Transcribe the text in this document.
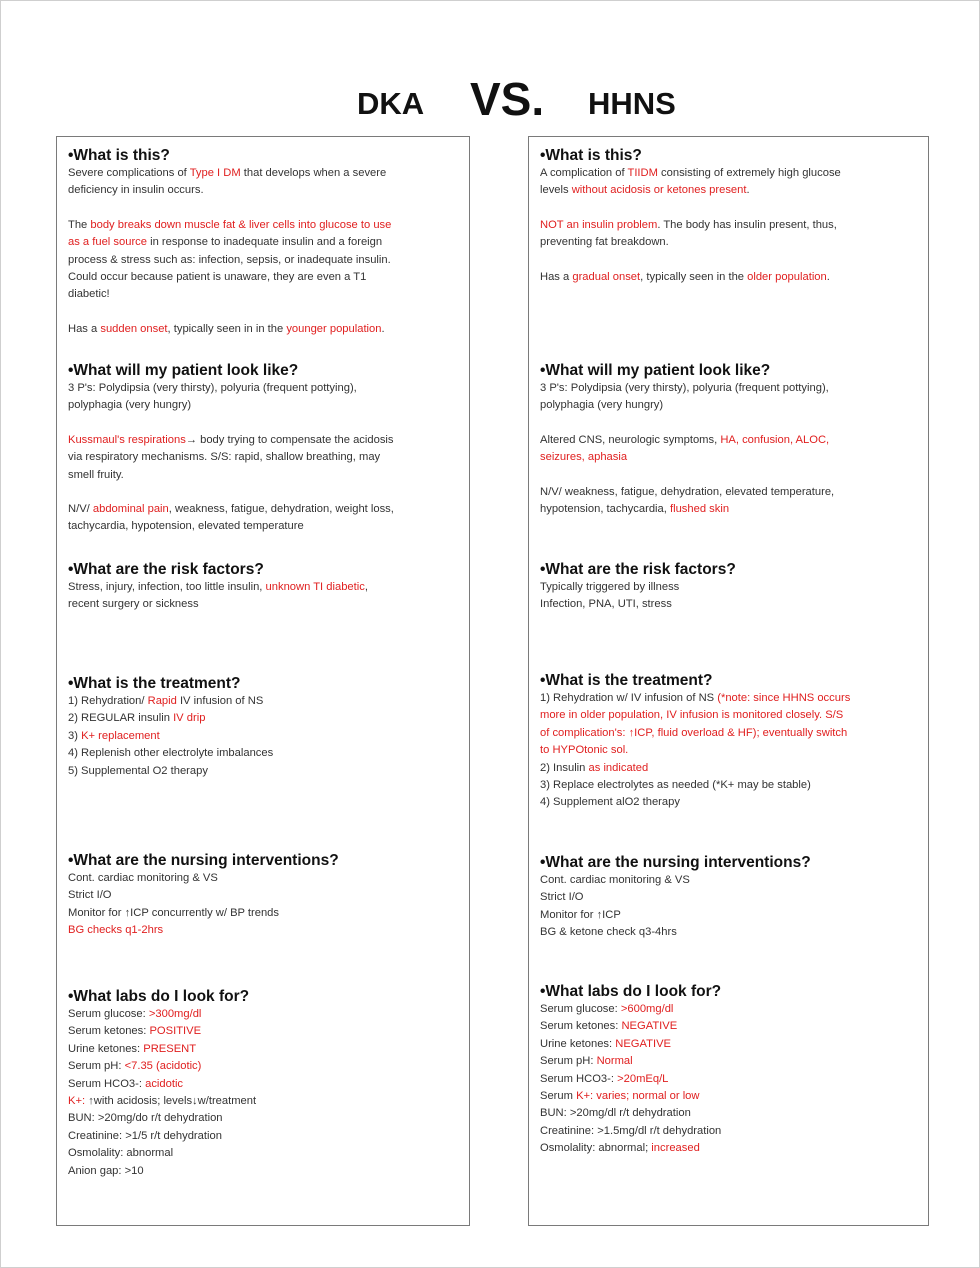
DKA VS. HHNS

•What is this?

Severe complications of Type I DM that develops when a severe

deficiency in insulin occurs.

The body breaks down muscle fat & liver cells into glucose to use

as a fuel source in response to inadequate insulin and a foreign

process & stress such as: infection, sepsis, or inadequate insulin.

Could occur because patient is unaware, they are even a T1

diabetic!

Has a sudden onset, typically seen in in the younger population.

•What will my patient look like?

3 P's: Polydipsia (very thirsty), polyuria (frequent pottying),

polyphagia (very hungry)

Kussmaul's respirations→ body trying to compensate the acidosis

via respiratory mechanisms. S/S: rapid, shallow breathing, may

smell fruity.

N/V/ abdominal pain, weakness, fatigue, dehydration, weight loss,

tachycardia, hypotension, elevated temperature

•What are the risk factors?

Stress, injury, infection, too little insulin, unknown TI diabetic,

recent surgery or sickness

•What is the treatment?

1) Rehydration/ Rapid IV infusion of NS

2) REGULAR insulin IV drip

3) K+ replacement

4) Replenish other electrolyte imbalances

5) Supplemental O2 therapy

•What are the nursing interventions?

Cont. cardiac monitoring & VS

Strict I/O

Monitor for ↑ICP concurrently w/ BP trends

BG checks q1-2hrs

•What labs do I look for?

Serum glucose: >300mg/dl

Serum ketones: POSITIVE

Urine ketones: PRESENT

Serum pH: <7.35 (acidotic)

Serum HCO3-: acidotic

K+: ↑with acidosis; levels↓w/treatment

BUN: >20mg/do r/t dehydration

Creatinine: >1/5 r/t dehydration

Osmolality: abnormal

Anion gap: >10

•What is this?

A complication of TIIDM consisting of extremely high glucose

levels without acidosis or ketones present.

NOT an insulin problem. The body has insulin present, thus,

preventing fat breakdown.

Has a gradual onset, typically seen in the older population.

•What will my patient look like?

3 P's: Polydipsia (very thirsty), polyuria (frequent pottying),

polyphagia (very hungry)

Altered CNS, neurologic symptoms, HA, confusion, ALOC,

seizures, aphasia

N/V/ weakness, fatigue, dehydration, elevated temperature,

hypotension, tachycardia, flushed skin

•What are the risk factors?

Typically triggered by illness

Infection, PNA, UTI, stress

•What is the treatment?

1) Rehydration w/ IV infusion of NS (*note: since HHNS occurs

more in older population, IV infusion is monitored closely. S/S

of complication's: ↑ICP, fluid overload & HF); eventually switch

to HYPOtonic sol.

2) Insulin as indicated

3) Replace electrolytes as needed (*K+ may be stable)

4) Supplement alO2 therapy

•What are the nursing interventions?

Cont. cardiac monitoring & VS

Strict I/O

Monitor for ↑ICP

BG & ketone check q3-4hrs

•What labs do I look for?

Serum glucose: >600mg/dl

Serum ketones: NEGATIVE

Urine ketones: NEGATIVE

Serum pH: Normal

Serum HCO3-: >20mEq/L

Serum K+: varies; normal or low

BUN: >20mg/dl r/t dehydration

Creatinine: >1.5mg/dl r/t dehydration

Osmolality: abnormal; increased
